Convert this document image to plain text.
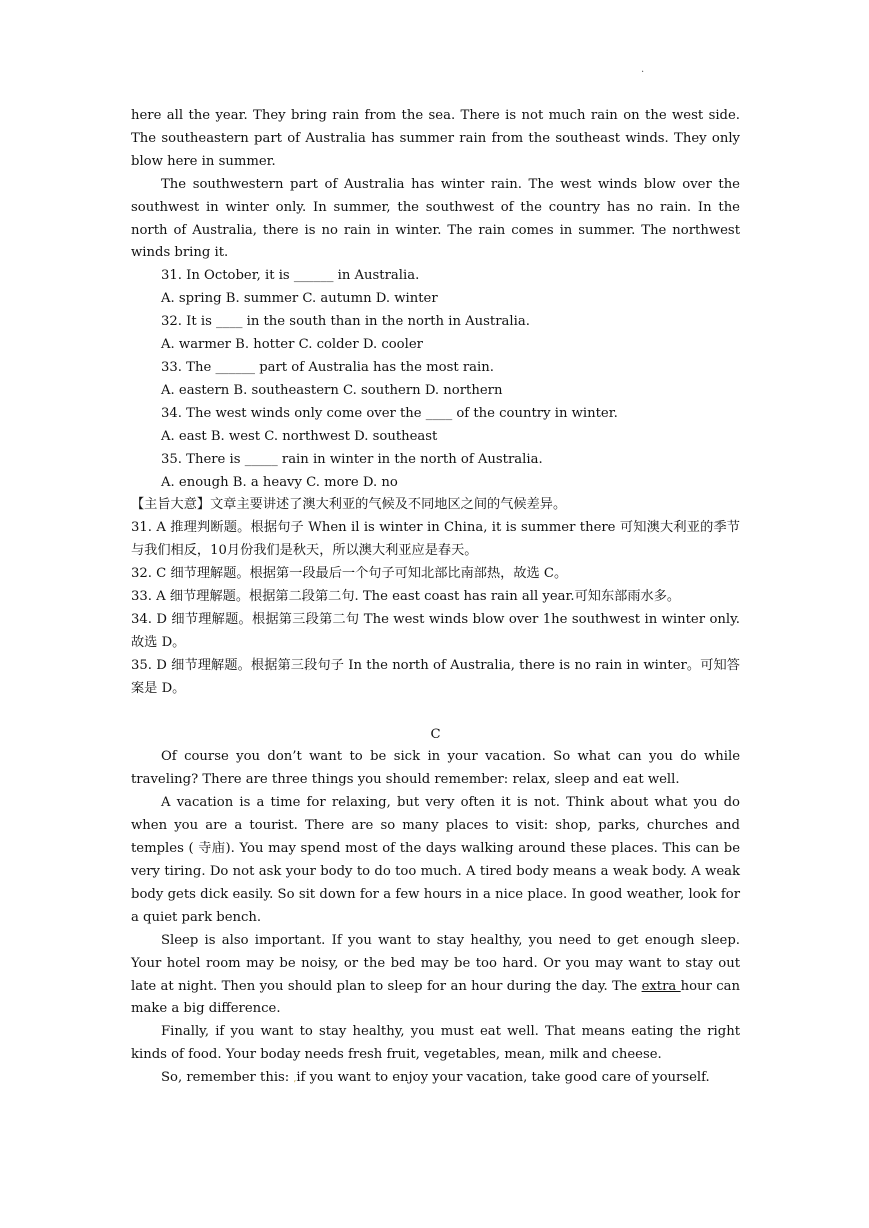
.

here all the year. They bring rain from the sea. There is not much rain on the west side. The southeastern part of Australia has summer rain from the southeast winds. They only blow here in summer.

The southwestern part of Australia has winter rain. The west winds blow over the southwest in winter only. In summer, the southwest of the country has no rain. In the north of Australia, there is no rain in winter. The rain comes in summer. The northwest winds bring it.

31. In October, it is ______ in Australia.

A. spring B. summer C. autumn D. winter

32. It is ____ in the south than in the north in Australia.

A. warmer B. hotter C. colder D. cooler

33. The ______ part of Australia has the most rain.

A. eastern B. southeastern C. southern D. northern

34. The west winds only come over the ____ of the country in winter.

A. east B. west C. northwest D. southeast

35. There is _____ rain in winter in the north of Australia.

A. enough B. a heavy C. more D. no

【主旨大意】文章主要讲述了澳大利亚的气候及不同地区之间的气候差异。

31. A 推理判断题。根据句子 When il is winter in China, it is summer there 可知澳大利亚的季节与我们相反，10月份我们是秋天，所以澳大利亚应是春天。

32. C 细节理解题。根据第一段最后一个句子可知北部比南部热，故选 C。

33. A 细节理解题。根据第二段第二句. The east coast has rain all year.可知东部雨水多。

34. D 细节理解题。根据第三段第二句 The west winds blow over 1he southwest in winter only.故选 D。

35. D 细节理解题。根据第三段句子 In the north of Australia, there is no rain in winter。可知答案是 D。

C

Of course you don’t want to be sick in your vacation. So what can you do while traveling? There are three things you should remember: relax, sleep and eat well.

A vacation is a time for relaxing, but very often it is not. Think about what you do when you are a tourist. There are so many places to visit: shop, parks, churches and temples ( 寺庙). You may spend most of the days walking around these places. This can be very tiring. Do not ask your body to do too much. A tired body means a weak body. A weak body gets dick easily. So sit down for a few hours in a nice place. In good weather, look for a quiet park bench.

Sleep is also important. If you want to stay healthy, you need to get enough sleep. Your hotel room may be noisy, or the bed may be too hard. Or you may want to stay out late at night. Then you should plan to sleep for an hour during the day. The extra hour can make a big difference.

Finally, if you want to stay healthy, you must eat well. That means eating the right kinds of food. Your boday needs fresh fruit, vegetables, mean, milk and cheese.

So, remember this: ,if you want to enjoy your vacation, take good care of yourself.
